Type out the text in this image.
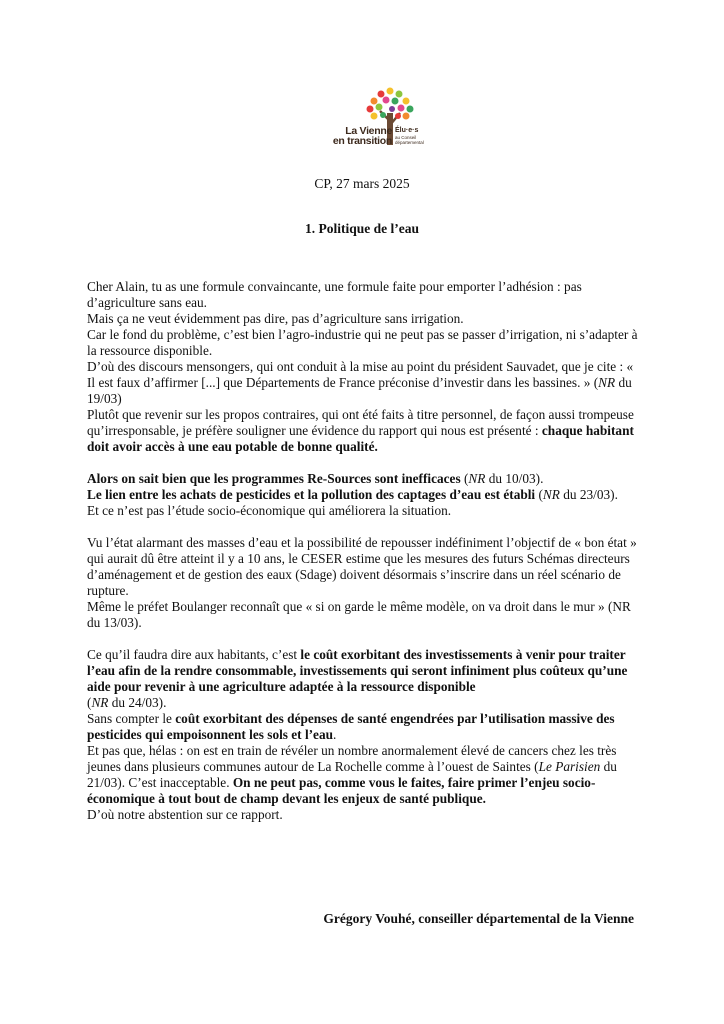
La Vienne
en transition
Élu·e·s
au Conseil
départemental
CP, 27 mars 2025
1. Politique de l’eau

Cher Alain, tu as une formule convaincante, une formule faite pour emporter l’adhésion : pas d’agriculture sans eau.

Mais ça ne veut évidemment pas dire, pas d’agriculture sans irrigation.

Car le fond du problème, c’est bien l’agro-industrie qui ne peut pas se passer d’irrigation, ni s’adapter à la ressource disponible.

D’où des discours mensongers, qui ont conduit à la mise au point du président Sauvadet, que je cite : « Il est faux d’affirmer [...] que Départements de France préconise d’investir dans les bassines. » (NR du 19/03)

Plutôt que revenir sur les propos contraires, qui ont été faits à titre personnel, de façon aussi trompeuse qu’irresponsable, je préfère souligner une évidence du rapport qui nous est présenté : chaque habitant doit avoir accès à une eau potable de bonne qualité.

Alors on sait bien que les programmes Re-Sources sont inefficaces (NR du 10/03).

Le lien entre les achats de pesticides et la pollution des captages d’eau est établi (NR du 23/03).

Et ce n’est pas l’étude socio-économique qui améliorera la situation.

Vu l’état alarmant des masses d’eau et la possibilité de repousser indéfiniment l’objectif de « bon état » qui aurait dû être atteint il y a 10 ans, le CESER estime que les mesures des futurs Schémas directeurs d’aménagement et de gestion des eaux (Sdage) doivent désormais s’inscrire dans un réel scénario de rupture.

Même le préfet Boulanger reconnaît que « si on garde le même modèle, on va droit dans le mur » (NR du 13/03).

Ce qu’il faudra dire aux habitants, c’est le coût exorbitant des investissements à venir pour traiter l’eau afin de la rendre consommable, investissements qui seront infiniment plus coûteux qu’une aide pour revenir à une agriculture adaptée à la ressource disponible
(NR du 24/03).

Sans compter le coût exorbitant des dépenses de santé engendrées par l’utilisation massive des pesticides qui empoisonnent les sols et l’eau.

Et pas que, hélas : on est en train de révéler un nombre anormalement élevé de cancers chez les très jeunes dans plusieurs communes autour de La Rochelle comme à l’ouest de Saintes (Le Parisien du 21/03). C’est inacceptable. On ne peut pas, comme vous le faites, faire primer l’enjeu socio-économique à tout bout de champ devant les enjeux de santé publique.

D’où notre abstention sur ce rapport.

Grégory Vouhé, conseiller départemental de la Vienne
